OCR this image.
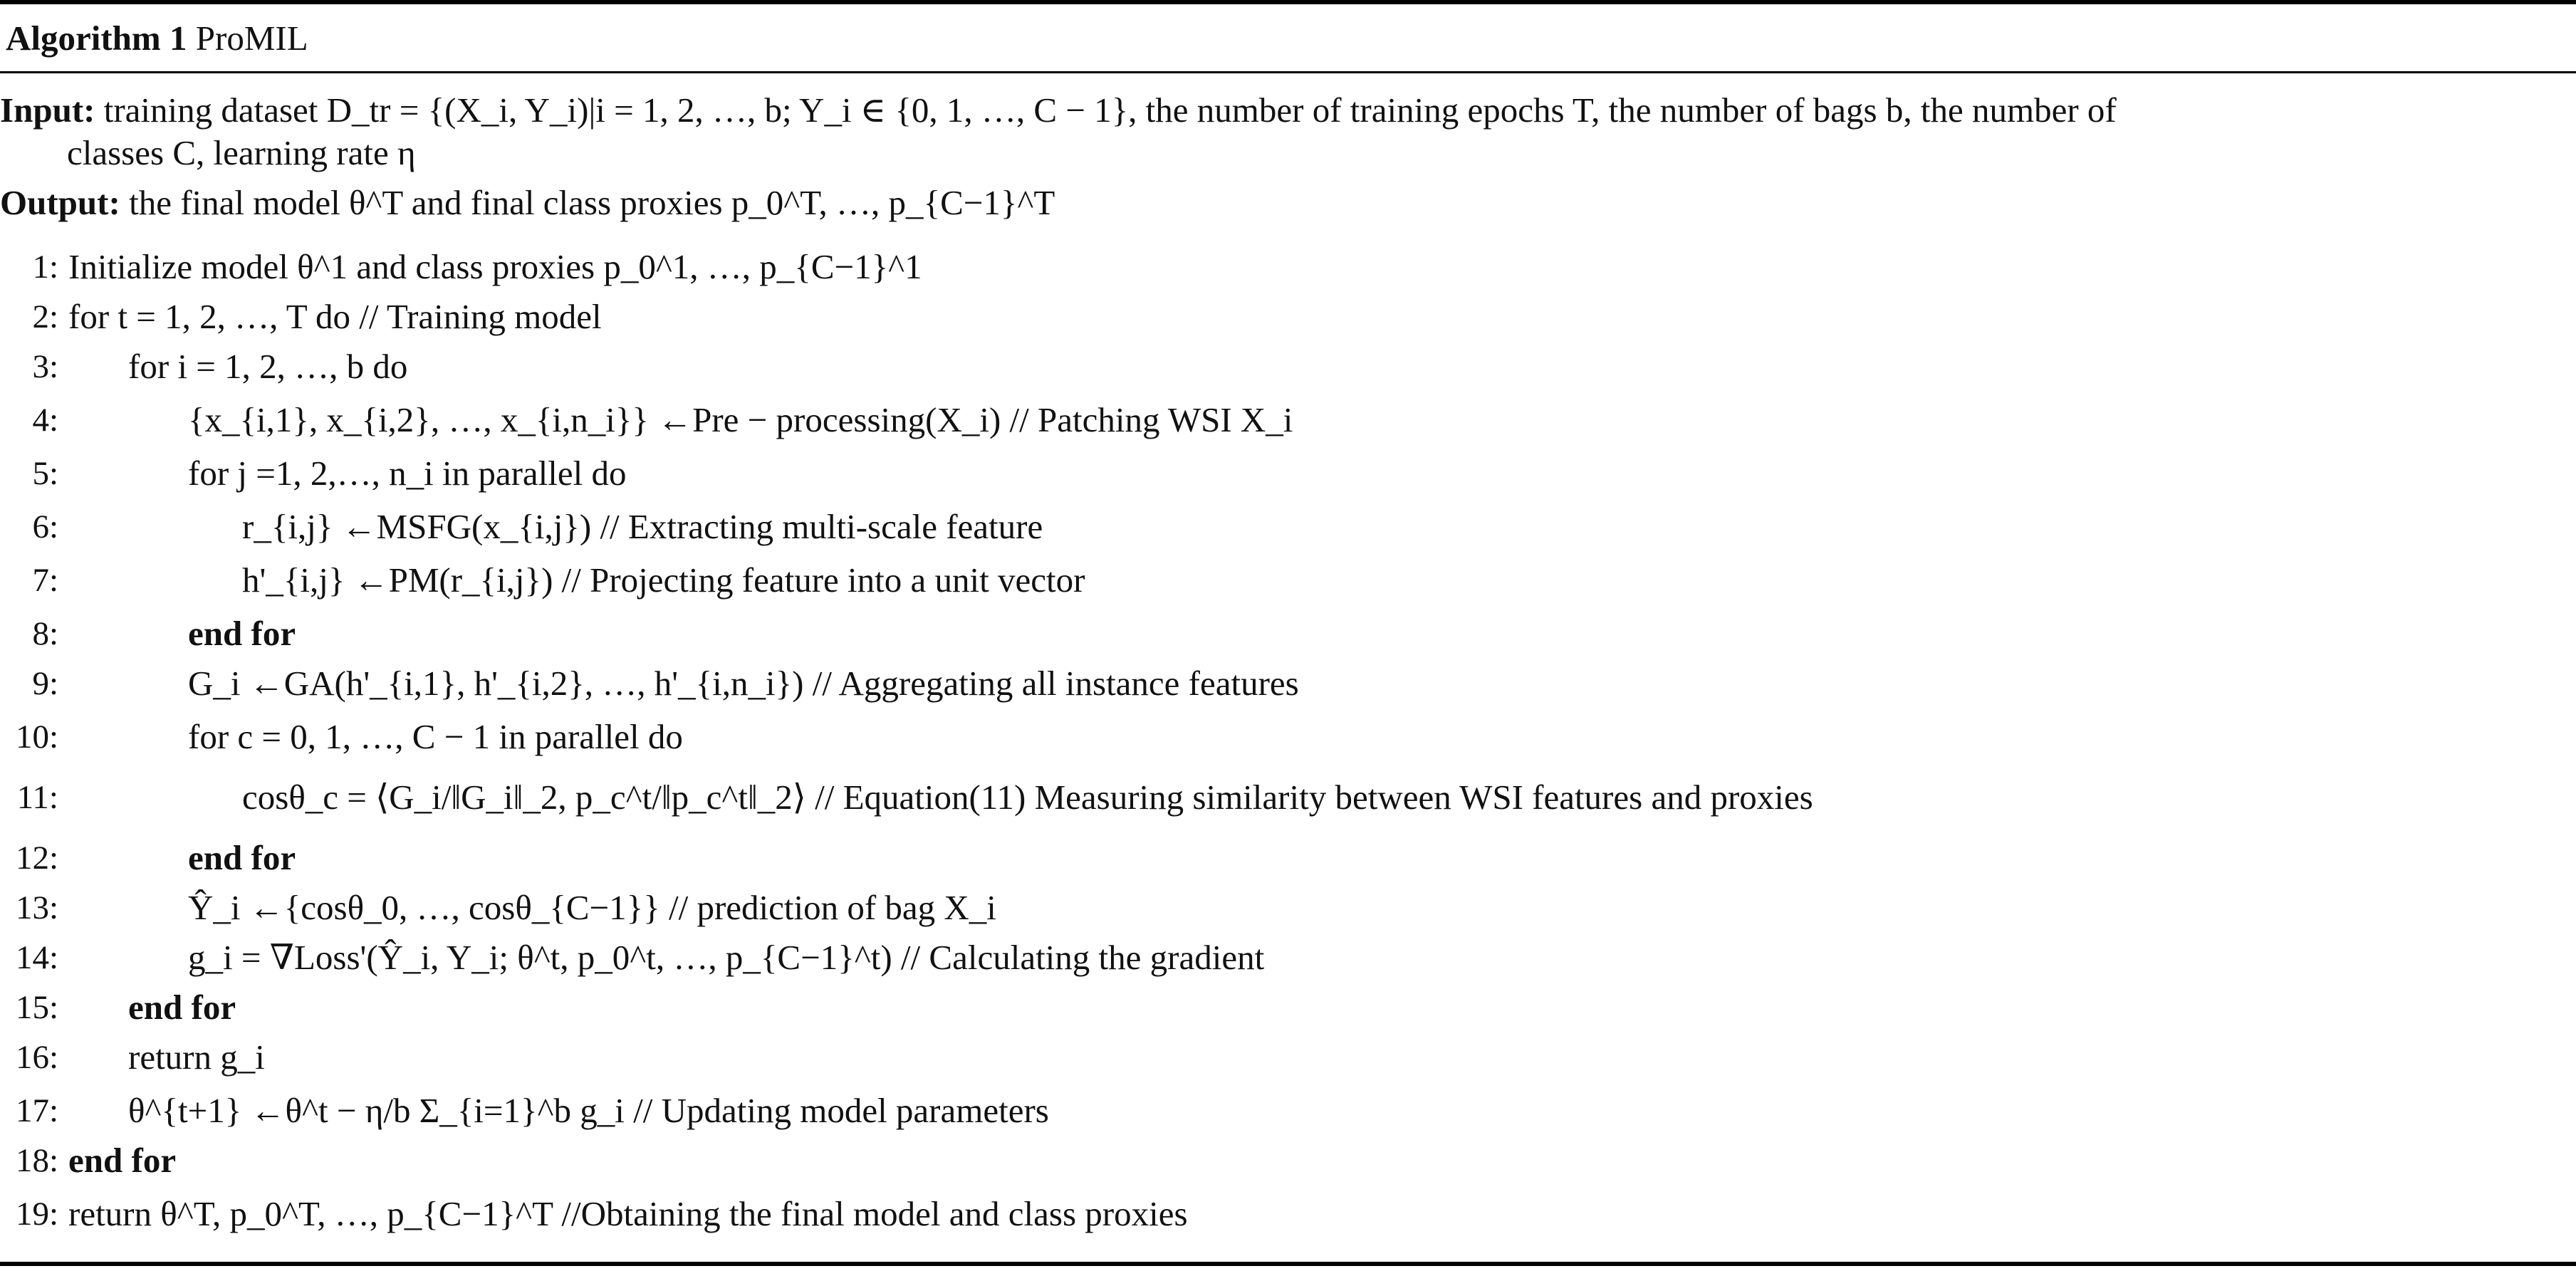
Algorithm 1 ProMIL
Input: training dataset D_tr = {(X_i, Y_i)|i = 1, 2, …, b; Y_i ∈ {0, 1, …, C − 1}, the number of training epochs T, the number of bags b, the number of
classes C, learning rate η
Output: the final model θ^T and final class proxies p_0^T, …, p_{C−1}^T
1: Initialize model θ^1 and class proxies p_0^1, …, p_{C−1}^1
2: for t = 1, 2, …, T do // Training model
3: for i = 1, 2, …, b do
4:	{x_{i,1}, x_{i,2}, …, x_{i,n_i}} ←Pre − processing(X_i) // Patching WSI X_i
5:	for j =1, 2,…, n_i in parallel do
6:	r_{i,j} ←MSFG(x_{i,j}) // Extracting multi-scale feature
7:	h'_{i,j} ←PM(r_{i,j}) // Projecting feature into a unit vector
8:	end for
9:	G_i ←GA(h'_{i,1}, h'_{i,2}, …, h'_{i,n_i}) // Aggregating all instance features
10:	for c = 0, 1, …, C − 1 in parallel do
11:	cosθ_c = ⟨G_i/‖G_i‖_2, p_c^t/‖p_c^t‖_2⟩ // Equation(11) Measuring similarity between WSI features and proxies
12:	end for
13:	Ŷ_i ←{cosθ_0, …, cosθ_{C−1}} // prediction of bag X_i
14:	g_i = ∇Loss'(Ŷ_i, Y_i; θ^t, p_0^t, …, p_{C−1}^t) // Calculating the gradient
15: end for
16: return g_i
17: θ^{t+1} ←θ^t − η/b Σ_{i=1}^b g_i // Updating model parameters
18: end for
19: return θ^T, p_0^T, …, p_{C−1}^T //Obtaining the final model and class proxies
